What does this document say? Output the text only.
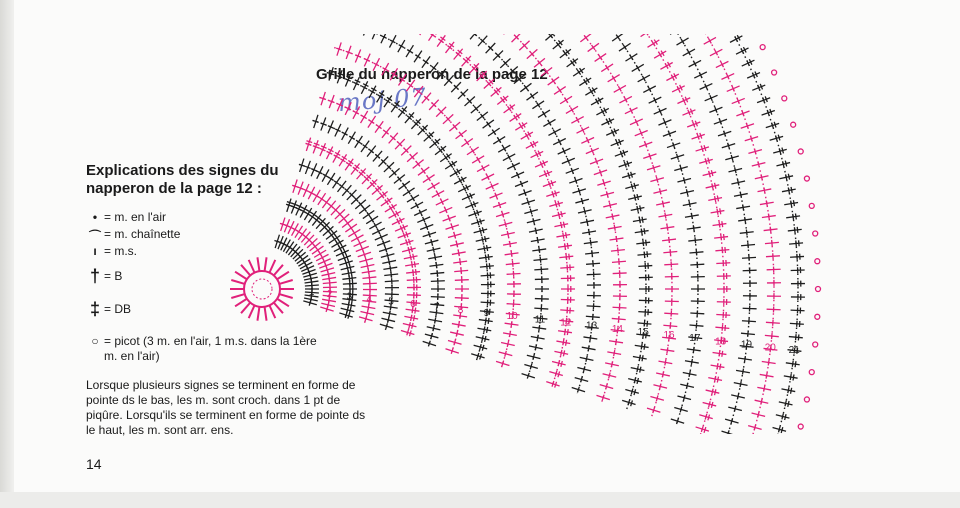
Grille du napperon de la page 12
moj 07
Explications des signes du napperon de la page 12 :
• = m. en l'air
⌒ = m. chaînette
ı = m.s.
† = B
‡ = DB
○ = picot (3 m. en l'air, 1 m.s. dans la 1ère m. en l'air)
Lorsque plusieurs signes se terminent en forme de pointe ds le bas, les m. sont croch. dans 1 pt de piqûre. Lorsqu'ils se terminent en forme de pointe ds le haut, les m. sont arr. ens.
14
1 2 3 4 5 6 7 8 9 10 11 12 13 14 15 16 17 18 19 20 21
